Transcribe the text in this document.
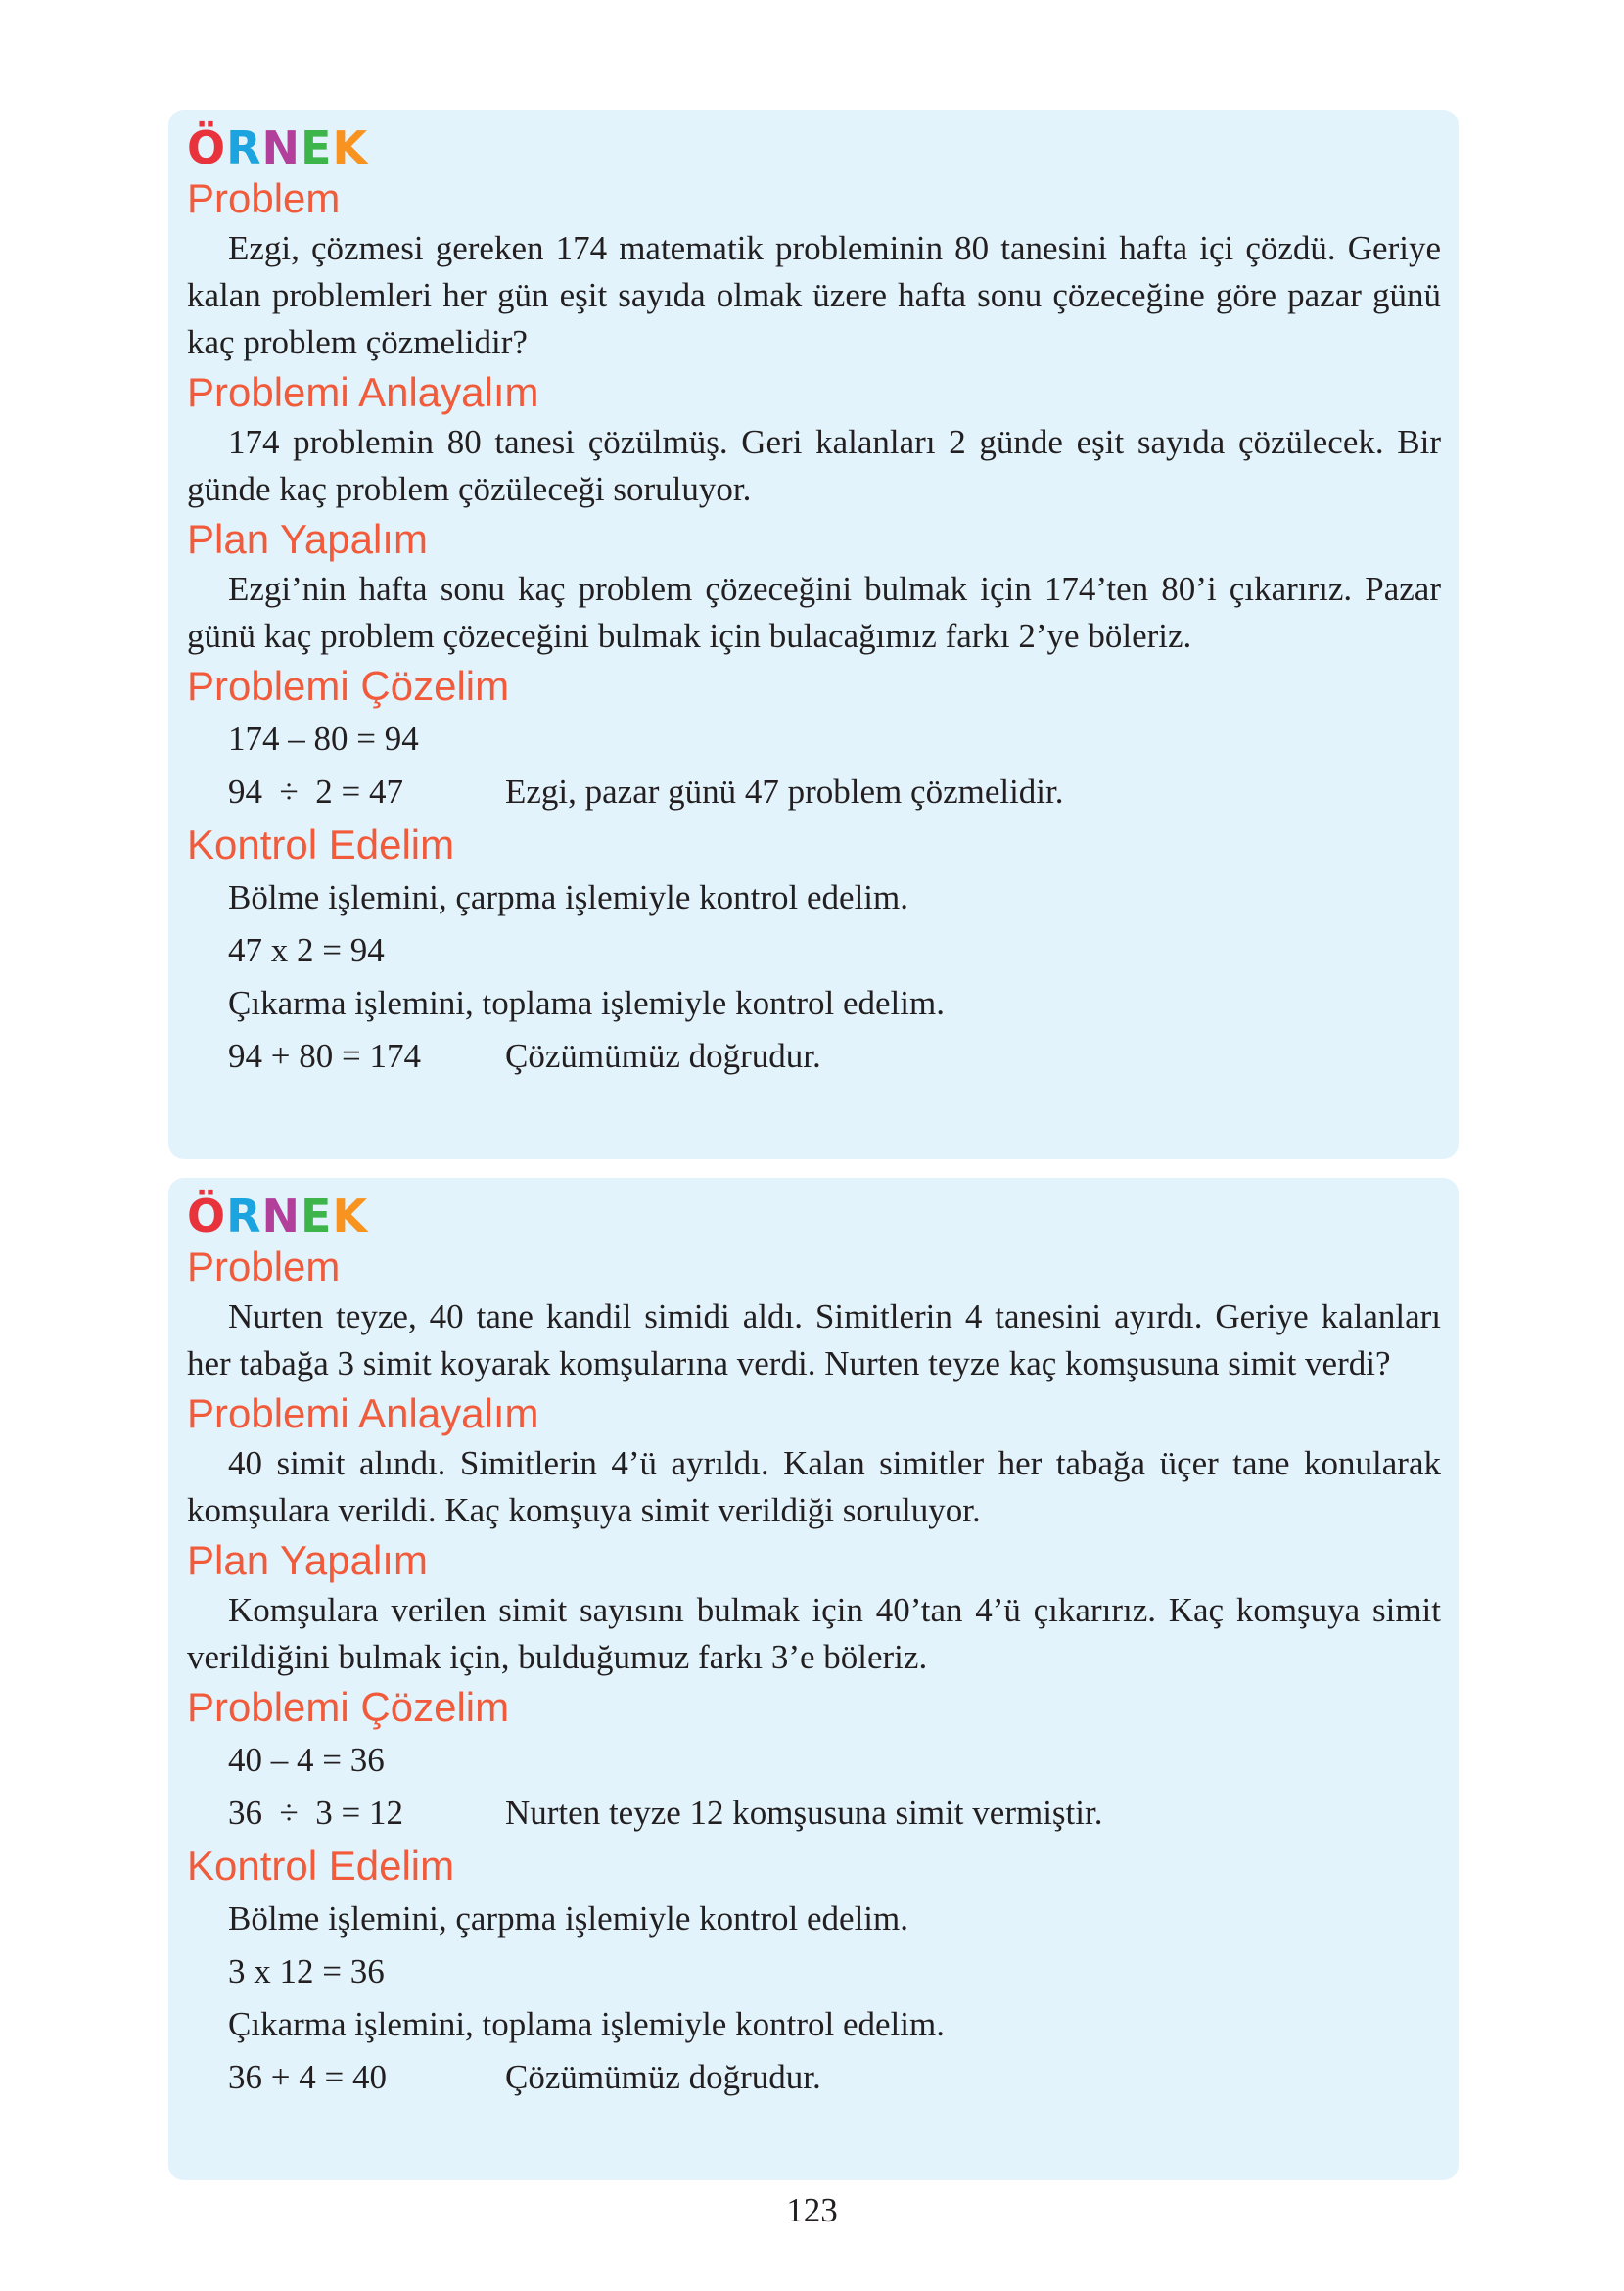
ÖRNEK
Problem
Ezgi, çözmesi gereken 174 matematik probleminin 80 tanesini hafta içi çözdü. Geriye kalan problemleri her gün eşit sayıda olmak üzere hafta sonu çözeceğine göre pazar günü kaç problem çözmelidir?
Problemi Anlayalım
174 problemin 80 tanesi çözülmüş. Geri kalanları 2 günde eşit sayıda çözülecek. Bir günde kaç problem çözüleceği soruluyor.
Plan Yapalım
Ezgi’nin hafta sonu kaç problem çözeceğini bulmak için 174’ten 80’i çıkarırız. Pazar günü kaç problem çözeceğini bulmak için bulacağımız farkı 2’ye böleriz.
Problemi Çözelim
174 – 80 = 94
94  ÷  2 = 47	Ezgi, pazar günü 47 problem çözmelidir.
Kontrol Edelim
Bölme işlemini, çarpma işlemiyle kontrol edelim.
47 x 2 = 94
Çıkarma işlemini, toplama işlemiyle kontrol edelim.
94 + 80 = 174 Çözümümüz doğrudur.
ÖRNEK
Problem
Nurten teyze, 40 tane kandil simidi aldı. Simitlerin 4 tanesini ayırdı. Geriye kalanları her tabağa 3 simit koyarak komşularına verdi. Nurten teyze kaç komşusuna simit verdi?
Problemi Anlayalım
40 simit alındı. Simitlerin 4’ü ayrıldı. Kalan simitler her tabağa üçer tane konularak komşulara verildi. Kaç komşuya simit verildiği soruluyor.
Plan Yapalım
Komşulara verilen simit sayısını bulmak için 40’tan 4’ü çıkarırız. Kaç komşuya simit verildiğini bulmak için, bulduğumuz farkı 3’e böleriz.
Problemi Çözelim
40 – 4 = 36
36  ÷  3 = 12	Nurten teyze 12 komşusuna simit vermiştir.
Kontrol Edelim
Bölme işlemini, çarpma işlemiyle kontrol edelim.
3 x 12 = 36
Çıkarma işlemini, toplama işlemiyle kontrol edelim.
36 + 4 = 40	Çözümümüz doğrudur.
123
